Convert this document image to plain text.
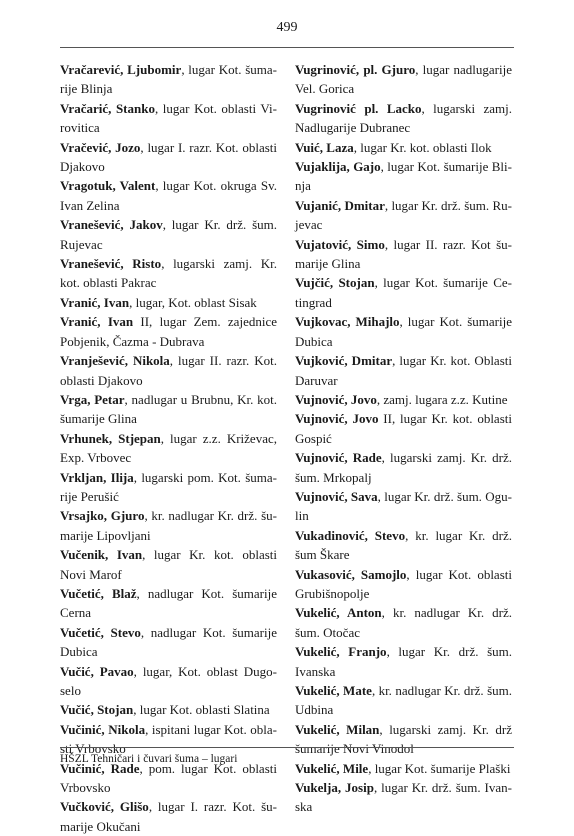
499

Vračarević, Ljubomir, lugar Kot. šumarije Blinja

Vračarić, Stanko, lugar Kot. oblasti Virovitica

Vračević, Jozo, lugar I. razr. Kot. oblasti Djakovo

Vragotuk, Valent, lugar Kot. okruga Sv. Ivan Zelina

Vranešević, Jakov, lugar Kr. drž. šum. Rujevac

Vranešević, Risto, lugarski zamj. Kr. kot. oblasti Pakrac

Vranić, Ivan, lugar, Kot. oblast Sisak

Vranić, Ivan II, lugar Zem. zajednice Pobjenik, Čazma - Dubrava

Vranješević, Nikola, lugar II. razr. Kot. oblasti Djakovo

Vrga, Petar, nadlugar u Brubnu, Kr. kot. šumarije Glina

Vrhunek, Stjepan, lugar z.z. Križevac, Exp. Vrbovec

Vrkljan, Ilija, lugarski pom. Kot. šumarije Perušić

Vrsajko, Gjuro, kr. nadlugar Kr. drž. šumarije Lipovljani

Vučenik, Ivan, lugar Kr. kot. oblasti Novi Marof

Vučetić, Blaž, nadlugar Kot. šumarije Cerna

Vučetić, Stevo, nadlugar Kot. šumarije Dubica

Vučić, Pavao, lugar, Kot. oblast Dugoselo

Vučić, Stojan, lugar Kot. oblasti Slatina

Vučinić, Nikola, ispitani lugar Kot. oblasti Vrbovsko

Vučinić, Rade, pom. lugar Kot. oblasti Vrbovsko

Vučković, Glišo, lugar I. razr. Kot. šumarije Okučani

Vugrinović, pl. Gjuro, lugar nadlugarije Vel. Gorica

Vugrinović pl. Lacko, lugarski zamj. Nadlugarije Dubranec

Vuić, Laza, lugar Kr. kot. oblasti Ilok

Vujaklija, Gajo, lugar Kot. šumarije Blinja

Vujanić, Dmitar, lugar Kr. drž. šum. Rujevac

Vujatović, Simo, lugar II. razr. Kot šumarije Glina

Vujčić, Stojan, lugar Kot. šumarije Cetingrad

Vujkovac, Mihajlo, lugar Kot. šumarije Dubica

Vujković, Dmitar, lugar Kr. kot. Oblasti Daruvar

Vujnović, Jovo, zamj. lugara z.z. Kutine

Vujnović, Jovo II, lugar Kr. kot. oblasti Gospić

Vujnović, Rade, lugarski zamj. Kr. drž. šum. Mrkopalj

Vujnović, Sava, lugar Kr. drž. šum. Ogulin

Vukadinović, Stevo, kr. lugar Kr. drž. šum Škare

Vukasović, Samojlo, lugar Kot. oblasti Grubišnopolje

Vukelić, Anton, kr. nadlugar Kr. drž. šum. Otočac

Vukelić, Franjo, lugar Kr. drž. šum. Ivanska

Vukelić, Mate, kr. nadlugar Kr. drž. šum. Udbina

Vukelić, Milan, lugarski zamj. Kr. drž šumarije Novi Vinodol

Vukelić, Mile, lugar Kot. šumarije Plaški

Vukelja, Josip, lugar Kr. drž. šum. Ivanska

HŠZL Tehničari i čuvari šuma – lugari
